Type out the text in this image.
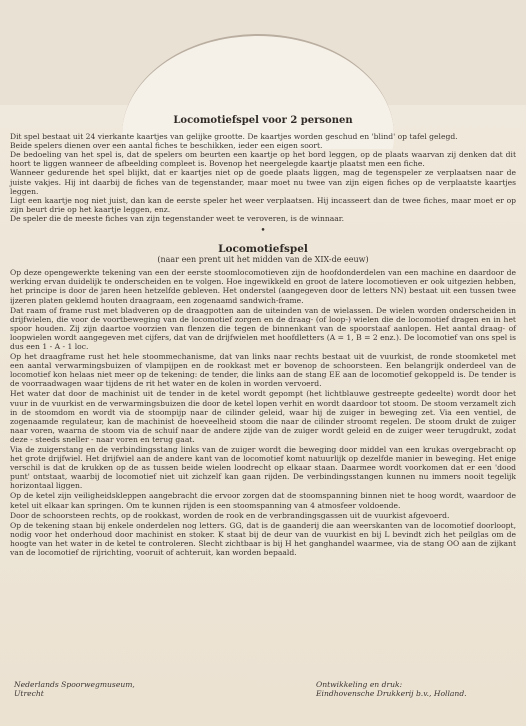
Locomotiefspel voor 2 personen

Dit spel bestaat uit 24 vierkante kaartjes van gelijke grootte. De kaartjes worden geschud en 'blind' op tafel gelegd.

Beide spelers dienen over een aantal fiches te beschikken, ieder een eigen soort.

De bedoeling van het spel is, dat de spelers om beurten een kaartje op het bord leggen, op de plaats waarvan zij denken dat dit hoort te liggen wanneer de afbeelding compleet is. Bovenop het neergelegde kaartje plaatst men een fiche.

Wanneer gedurende het spel blijkt, dat er kaartjes niet op de goede plaats liggen, mag de tegenspeler ze verplaatsen naar de juiste vakjes. Hij int daarbij de fiches van de tegenstander, maar moet nu twee van zijn eigen fiches op de verplaatste kaartjes leggen.

Ligt een kaartje nog niet juist, dan kan de eerste speler het weer verplaatsen. Hij incasseert dan de twee fiches, maar moet er op zijn beurt drie op het kaartje leggen, enz.

De speler die de meeste fiches van zijn tegenstander weet te veroveren, is de winnaar.

•
Locomotiefspel
(naar een prent uit het midden van de XIX-de eeuw)

Op deze opengewerkte tekening van een der eerste stoomlocomotieven zijn de hoofdonderdelen van een machine en daardoor de werking ervan duidelijk te onderscheiden en te volgen. Hoe ingewikkeld en groot de latere locomotieven er ook uitgezien hebben, het principe is door de jaren heen hetzelfde gebleven. Het onderstel (aangegeven door de letters NN) bestaat uit een tussen twee ijzeren platen geklemd houten draagraam, een zogenaamd sandwich-frame.

Dat raam of frame rust met bladveren op de draagpotten aan de uiteinden van de wielassen. De wielen worden onderscheiden in drijfwielen, die voor de voortbeweging van de locomotief zorgen en de draag- (of loop-) wielen die de locomotief dragen en in het spoor houden. Zij zijn daartoe voorzien van flenzen die tegen de binnenkant van de spoorstaaf aanlopen. Het aantal draag- of loopwielen wordt aangegeven met cijfers, dat van de drijfwielen met hoofdletters (A = 1, B = 2 enz.). De locomotief van ons spel is dus een 1 - A - 1 loc.

Op het draagframe rust het hele stoommechanisme, dat van links naar rechts bestaat uit de vuurkist, de ronde stoomketel met een aantal verwarmingsbuizen of vlampijpen en de rookkast met er bovenop de schoorsteen. Een belangrijk onderdeel van de locomotief kon helaas niet meer op de tekening: de tender, die links aan de stang EE aan de locomotief gekoppeld is. De tender is de voorraadwagen waar tijdens de rit het water en de kolen in worden vervoerd.

Het water dat door de machinist uit de tender in de ketel wordt gepompt (het lichtblauwe gestreepte gedeelte) wordt door het vuur in de vuurkist en de verwarmingsbuizen die door de ketel lopen verhit en wordt daardoor tot stoom. De stoom verzamelt zich in de stoomdom en wordt via de stoompijp naar de cilinder geleid, waar hij de zuiger in beweging zet. Via een ventiel, de zogenaamde regulateur, kan de machinist de hoeveelheid stoom die naar de cilinder stroomt regelen. De stoom drukt de zuiger naar voren, waarna de stoom via de schuif naar de andere zijde van de zuiger wordt geleid en de zuiger weer terugdrukt, zodat deze - steeds sneller - naar voren en terug gaat.

Via de zuigerstang en de verbindingsstang links van de zuiger wordt die beweging door middel van een krukas overgebracht op het grote drijfwiel. Het drijfwiel aan de andere kant van de locomotief komt natuurlijk op dezelfde manier in beweging. Het enige verschil is dat de krukken op de as tussen beide wielen loodrecht op elkaar staan. Daarmee wordt voorkomen dat er een 'dood punt' ontstaat, waarbij de locomotief niet uit zichzelf kan gaan rijden. De verbindingsstangen kunnen nu immers nooit tegelijk horizontaal liggen.

Op de ketel zijn veiligheidskleppen aangebracht die ervoor zorgen dat de stoomspanning binnen niet te hoog wordt, waardoor de ketel uit elkaar kan springen. Om te kunnen rijden is een stoomspanning van 4 atmosfeer voldoende.

Door de schoorsteen rechts, op de rookkast, worden de rook en de verbrandingsgassen uit de vuurkist afgevoerd.

Op de tekening staan bij enkele onderdelen nog letters. GG, dat is de gaanderij die aan weerskanten van de locomotief doorloopt, nodig voor het onderhoud door machinist en stoker. K staat bij de deur van de vuurkist en bij L bevindt zich het peilglas om de hoogte van het water in de ketel te controleren. Slecht zichtbaar is bij H het ganghandel waarmee, via de stang OO aan de zijkant van de locomotief de rijrichting, vooruit of achteruit, kan worden bepaald.

Nederlands Spoorwegmuseum,
Utrecht
Ontwikkeling en druk:
Eindhovensche Drukkerij b.v., Holland.
